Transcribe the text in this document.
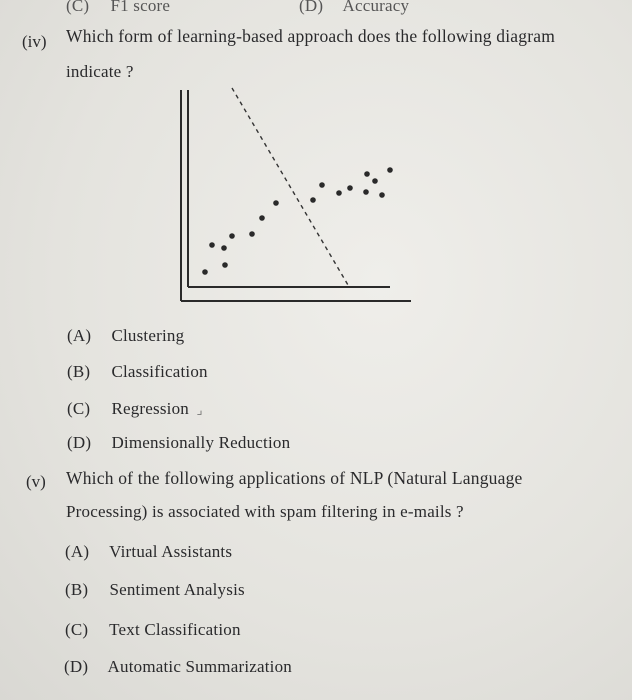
(C) F1 score	(D) Accuracy
(iv) Which form of learning-based approach does the following diagram
indicate ?
(A) Clustering
(B) Classification
(C) Regression ⌟
(D) Dimensionally Reduction
(v) Which of the following applications of NLP (Natural Language
Processing) is associated with spam filtering in e-mails ?
(A) Virtual Assistants
(B) Sentiment Analysis
(C) Text Classification
(D) Automatic Summarization
